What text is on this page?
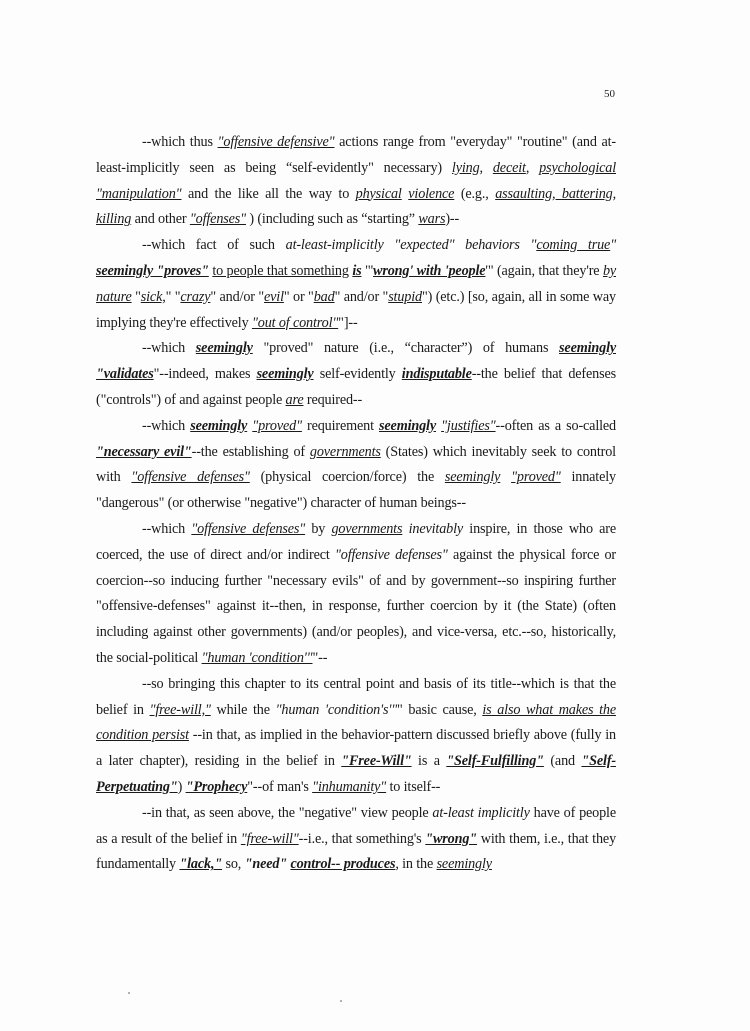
50

--which thus "offensive defensive" actions range from "everyday" "routine" (and at-least-implicitly seen as being “self-evidently" necessary) lying, deceit, psychological "manipulation" and the like all the way to physical violence (e.g., assaulting, battering, killing and other "offenses" ) (including such as “starting” wars)--

--which fact of such at-least-implicitly "expected" behaviors "coming true" seemingly "proves" to people that something is "'wrong' with 'people'" (again, that they're by nature "sick," "crazy" and/or "evil" or "bad" and/or "stupid") (etc.) [so, again, all in some way implying they're effectively "out of control""]--

--which seemingly "proved" nature (i.e., “character”) of humans seemingly "validates"--indeed, makes seemingly self-evidently indisputable--the belief that defenses ("controls") of and against people are required--

--which seemingly "proved" requirement seemingly "justifies"--often as a so-called "necessary evil"--the establishing of governments (States) which inevitably seek to control with "offensive defenses" (physical coercion/force) the seemingly "proved" innately "dangerous" (or otherwise "negative") character of human beings--

--which "offensive defenses" by governments inevitably inspire, in those who are coerced, the use of direct and/or indirect "offensive defenses" against the physical force or coercion--so inducing further "necessary evils" of and by government--so inspiring further "offensive-defenses" against it--then, in response, further coercion by it (the State) (often including against other governments) (and/or peoples), and vice-versa, etc.--so, historically, the social-political "human 'condition'""--

--so bringing this chapter to its central point and basis of its title--which is that the belief in "free-will," while the "human 'condition's'"" basic cause, is also what makes the condition persist --in that, as implied in the behavior-pattern discussed briefly above (fully in a later chapter), residing in the belief in "Free-Will" is a "Self-Fulfilling" (and "Self-Perpetuating") "Prophecy"--of man's "inhumanity" to itself--

--in that, as seen above, the "negative" view people at-least implicitly have of people as a result of the belief in "free-will"--i.e., that something's "wrong" with them, i.e., that they fundamentally "lack," so, "need" control-- produces, in the seemingly
